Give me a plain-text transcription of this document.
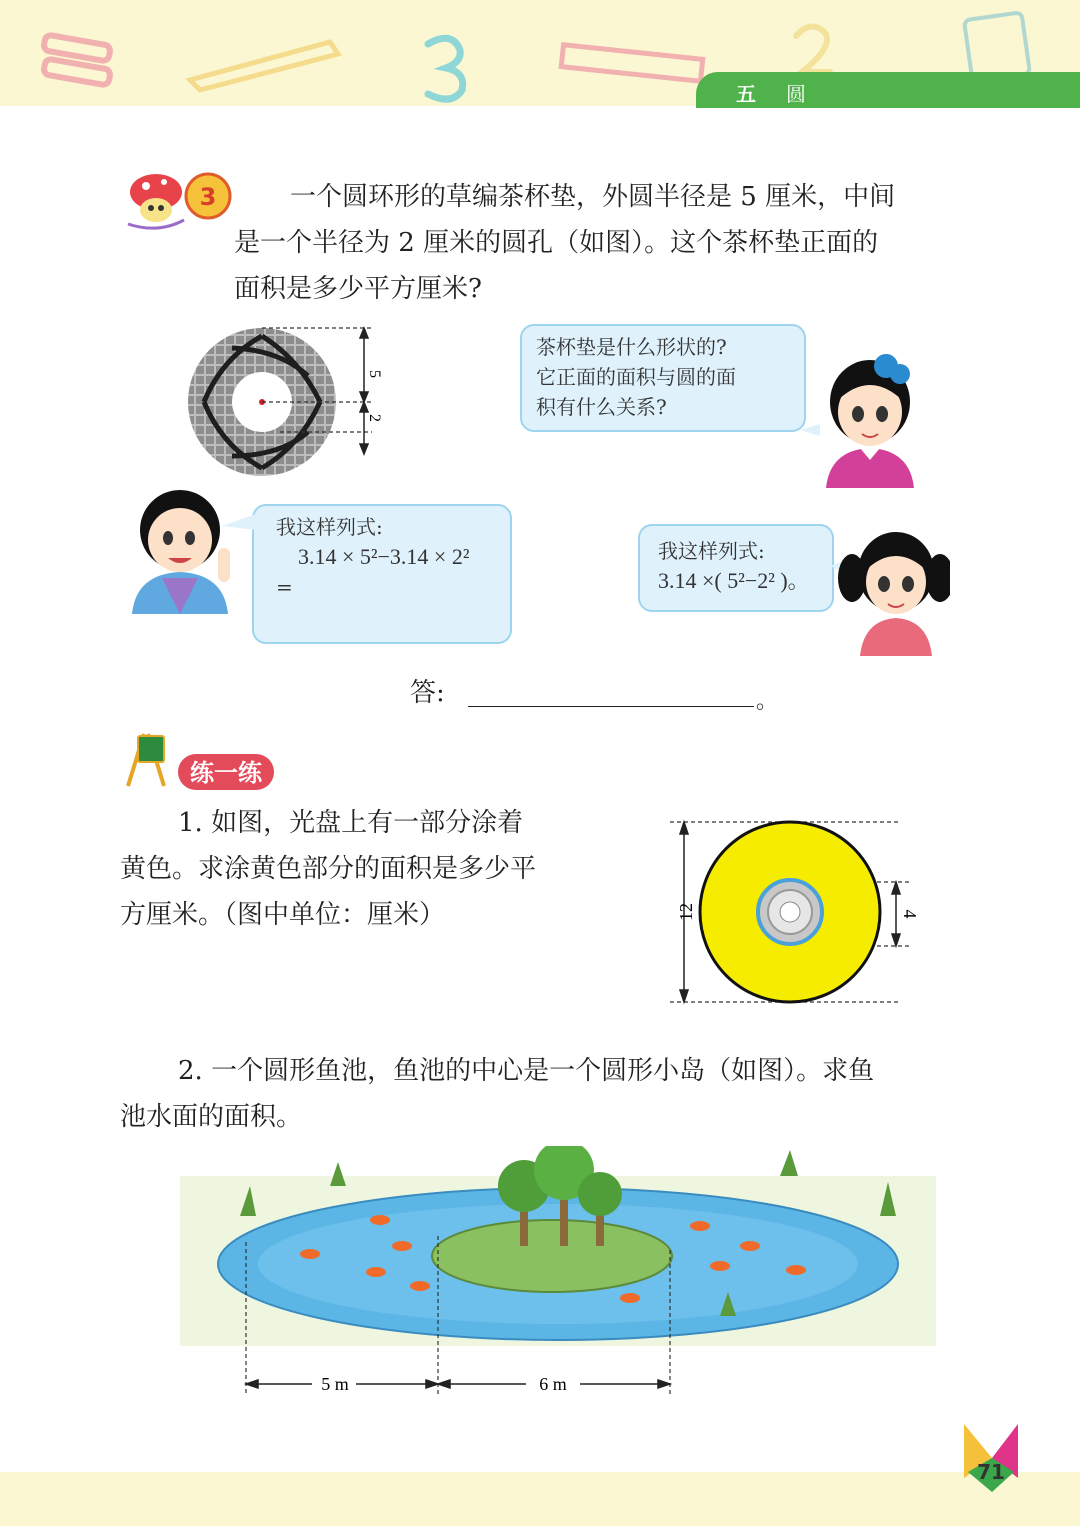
五 圆
3	一个圆环形的草编茶杯垫，外圆半径是 5 厘米，中间
是一个半径为 2 厘米的圆孔（如图）。这个茶杯垫正面的
面积是多少平方厘米?
5
2
茶杯垫是什么形状的?
它正面的面积与圆的面
积有什么关系?
我这样列式:
3.14 × 5²−3.14 × 2²
=
我这样列式:
3.14 ×( 5²−2² )。
答:	。
练一练
1. 如图，光盘上有一部分涂着
黄色。求涂黄色部分的面积是多少平
方厘米。（图中单位：厘米）	12	4
2. 一个圆形鱼池，鱼池的中心是一个圆形小岛（如图）。求鱼
池水面的面积。
5 m	6 m
71
